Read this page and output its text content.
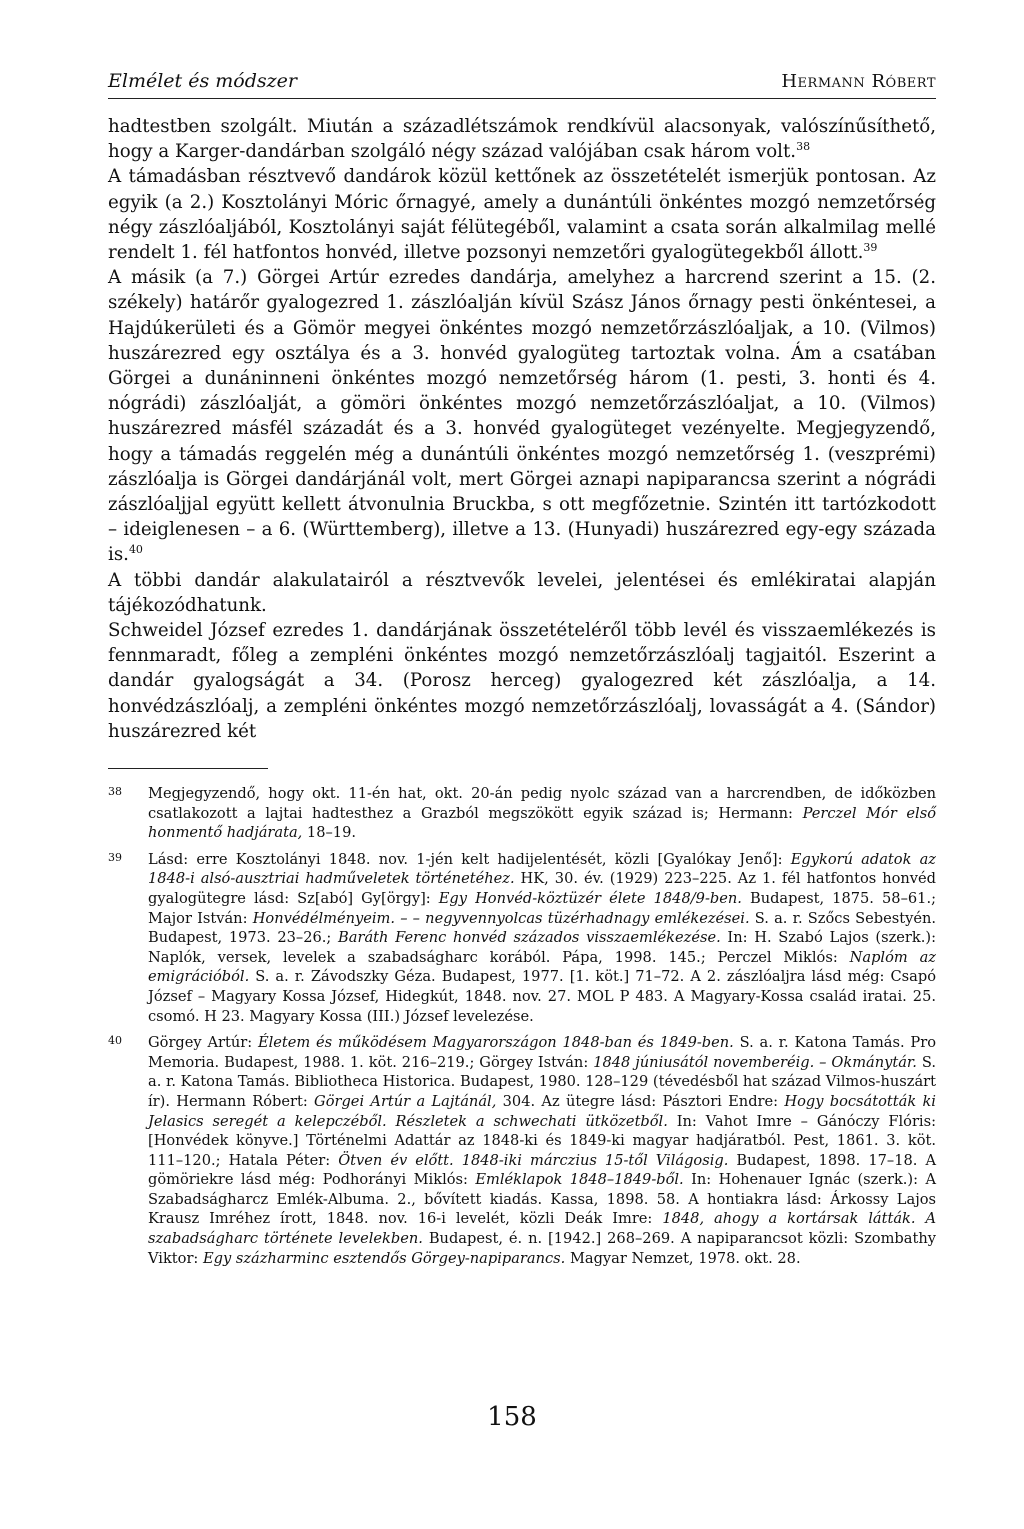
Elmélet és módszer	Hermann Róbert

hadtestben szolgált. Miután a századlétszámok rendkívül alacsonyak, valószínűsíthető, hogy a Karger-dandárban szolgáló négy század valójában csak három volt.$^{38}$

A támadásban résztvevő dandárok közül kettőnek az összetételét ismerjük pontosan. Az egyik (a 2.) Kosztolányi Móric őrnagyé, amely a dunántúli önkéntes mozgó nemzetőrség négy zászlóaljából, Kosztolányi saját félütegéből, valamint a csata során alkalmilag mellé rendelt 1. fél hatfontos honvéd, illetve pozsonyi nemzetőri gyalogütegekből állott.$^{39}$

A másik (a 7.) Görgei Artúr ezredes dandárja, amelyhez a harcrend szerint a 15. (2. székely) határőr gyalogezred 1. zászlóalján kívül Szász János őrnagy pesti önkéntesei, a Hajdúkerületi és a Gömör megyei önkéntes mozgó nemzetőrzászlóaljak, a 10. (Vilmos) huszárezred egy osztálya és a 3. honvéd gyalogüteg tartoztak volna. Ám a csatában Görgei a dunáninneni önkéntes mozgó nemzetőrség három (1. pesti, 3. honti és 4. nógrádi) zászlóalját, a gömöri önkéntes mozgó nemzetőrzászlóaljat, a 10. (Vilmos) huszárezred másfél századát és a 3. honvéd gyalogüteget vezényelte. Megjegyzendő, hogy a támadás reggelén még a dunántúli önkéntes mozgó nemzetőrség 1. (veszprémi) zászlóalja is Görgei dandárjánál volt, mert Görgei aznapi napiparancsa szerint a nógrádi zászlóaljjal együtt kellett átvonulnia Bruckba, s ott megfőzetnie. Szintén itt tartózkodott – ideiglenesen – a 6. (Württemberg), illetve a 13. (Hunyadi) huszárezred egy-egy százada is.$^{40}$

A többi dandár alakulatairól a résztvevők levelei, jelentései és emlékiratai alapján tájékozódhatunk.

Schweidel József ezredes 1. dandárjának összetételéről több levél és visszaemlékezés is fennmaradt, főleg a zempléni önkéntes mozgó nemzetőrzászlóalj tagjaitól. Eszerint a dandár gyalogságát a 34. (Porosz herceg) gyalogezred két zászlóalja, a 14. honvédzászlóalj, a zempléni önkéntes mozgó nemzetőrzászlóalj, lovasságát a 4. (Sándor) huszárezred két

38 Megjegyzendő, hogy okt. 11-én hat, okt. 20-án pedig nyolc század van a harcrendben, de időközben csatlakozott a lajtai hadtesthez a Grazból megszökött egyik század is; Hermann: Perczel Mór első honmentő hadjárata, 18–19.
39 Lásd: erre Kosztolányi 1848. nov. 1-jén kelt hadijelentését, közli [Gyalókay Jenő]: Egykorú adatok az 1848-i alsó-ausztriai hadműveletek történetéhez. HK, 30. év. (1929) 223–225. Az 1. fél hatfontos honvéd gyalogütegre lásd: Sz[abó] Gy[örgy]: Egy Honvéd-köztüzér élete 1848/9-ben. Budapest, 1875. 58–61.; Major István: Honvédélményeim. – – negyvennyolcas tüzérhadnagy emlékezései. S. a. r. Szőcs Sebestyén. Budapest, 1973. 23–26.; Baráth Ferenc honvéd százados visszaemlékezése. In: H. Szabó Lajos (szerk.): Naplók, versek, levelek a szabadságharc korából. Pápa, 1998. 145.; Perczel Miklós: Naplóm az emigrációból. S. a. r. Závodszky Géza. Budapest, 1977. [1. köt.] 71–72. A 2. zászlóaljra lásd még: Csapó József – Magyary Kossa József, Hidegkút, 1848. nov. 27. MOL P 483. A Magyary-Kossa család iratai. 25. csomó. H 23. Magyary Kossa (III.) József levelezése.
40 Görgey Artúr: Életem és működésem Magyarországon 1848-ban és 1849-ben. S. a. r. Katona Tamás. Pro Memoria. Budapest, 1988. 1. köt. 216–219.; Görgey István: 1848 júniusától novemberéig. – Okmánytár. S. a. r. Katona Tamás. Bibliotheca Historica. Budapest, 1980. 128–129 (tévedésből hat század Vilmos-huszárt ír). Hermann Róbert: Görgei Artúr a Lajtánál, 304. Az ütegre lásd: Pásztori Endre: Hogy bocsátották ki Jelasics seregét a kelepczéből. Részletek a schwechati ütközetből. In: Vahot Imre – Gánóczy Flóris: [Honvédek könyve.] Történelmi Adattár az 1848-ki és 1849-ki magyar hadjáratból. Pest, 1861. 3. köt. 111–120.; Hatala Péter: Ötven év előtt. 1848-iki márczius 15-től Világosig. Budapest, 1898. 17–18. A gömöriekre lásd még: Podhorányi Miklós: Emléklapok 1848–1849-ből. In: Hohenauer Ignác (szerk.): A Szabadságharcz Emlék-Albuma. 2., bővített kiadás. Kassa, 1898. 58. A hontiakra lásd: Árkossy Lajos Krausz Imréhez írott, 1848. nov. 16-i levelét, közli Deák Imre: 1848, ahogy a kortársak látták. A szabadságharc története levelekben. Budapest, é. n. [1942.] 268–269. A napiparancsot közli: Szombathy Viktor: Egy százharminc esztendős Görgey-napiparancs. Magyar Nemzet, 1978. okt. 28.
158
